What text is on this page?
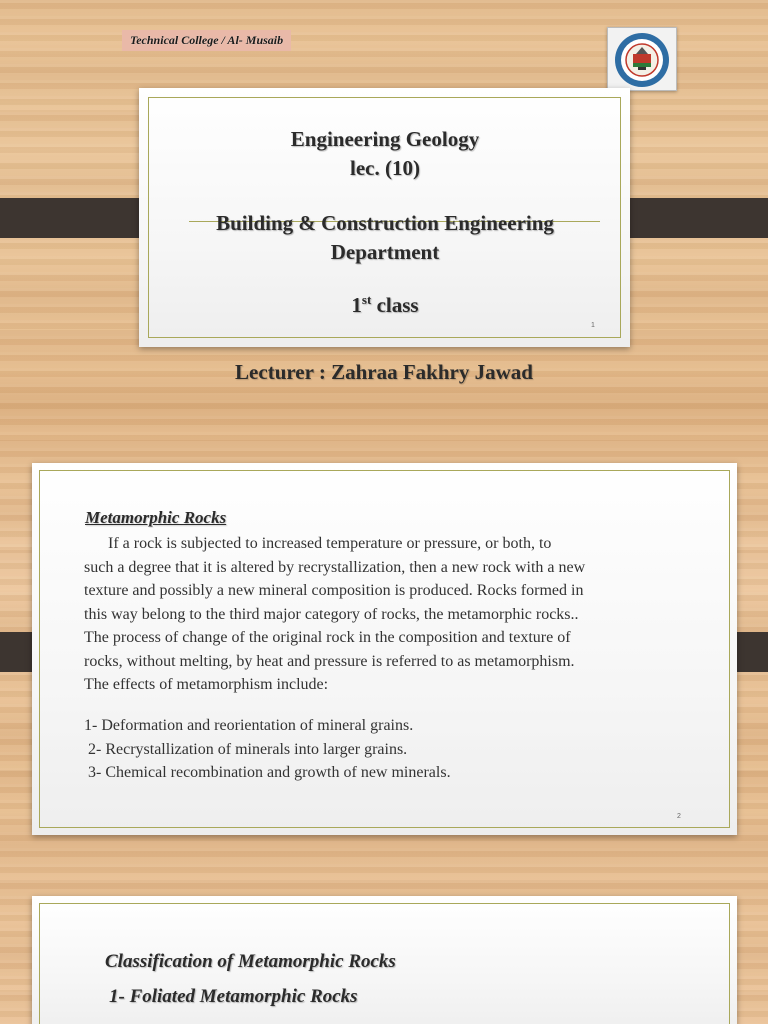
Technical College / Al- Musaib
1
Engineering Geology
lec. (10)
Building & Construction Engineering
Department
1st class
Lecturer : Zahraa Fakhry Jawad
2
Metamorphic Rocks
If a rock is subjected to increased temperature or pressure, or both, to
such a degree that it is altered by recrystallization, then a new rock with a new
texture and possibly a new mineral composition is produced. Rocks formed in
this way belong to the third major category of rocks, the metamorphic rocks..
The process of change of the original rock in the composition and texture of
rocks, without melting, by heat and pressure is referred to as metamorphism.
The effects of metamorphism include:
1- Deformation and reorientation of mineral grains.
2- Recrystallization of minerals into larger grains.
3- Chemical recombination and growth of new minerals.
Classification of Metamorphic Rocks
1- Foliated Metamorphic Rocks
